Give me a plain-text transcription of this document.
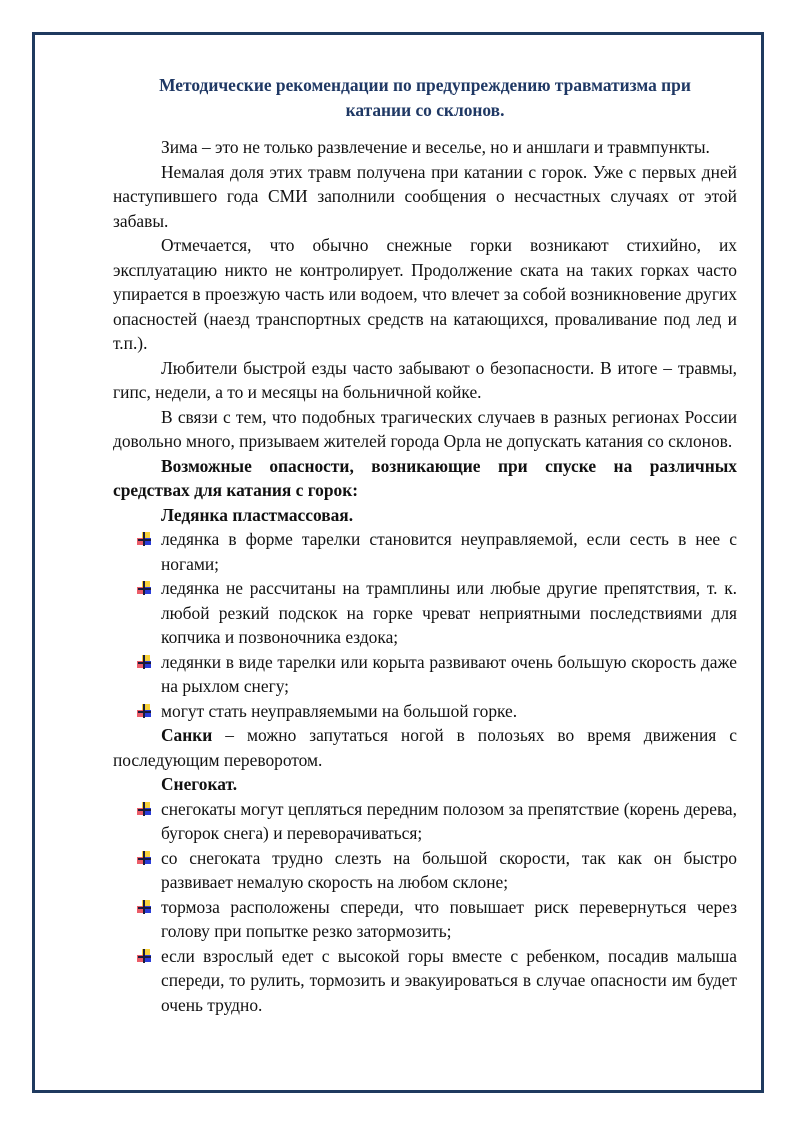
Методические рекомендации по предупреждению травматизма при катании со склонов.

Зима – это не только развлечение и веселье, но и аншлаги и травмпункты.

Немалая доля этих травм получена при катании с горок. Уже с первых дней наступившего года СМИ заполнили сообщения о несчастных случаях от этой забавы.

Отмечается, что обычно снежные горки возникают стихийно, их эксплуатацию никто не контролирует. Продолжение ската на таких горках часто упирается в проезжую часть или водоем, что влечет за собой возникновение других опасностей (наезд транспортных средств на катающихся, проваливание под лед и т.п.).

Любители быстрой езды часто забывают о безопасности. В итоге – травмы, гипс, недели, а то и месяцы на больничной койке.

В связи с тем, что подобных трагических случаев в разных регионах России довольно много, призываем жителей города Орла не допускать катания со склонов.

Возможные опасности, возникающие при спуске на различных средствах для катания с горок:

Ледянка пластмассовая.

ледянка в форме тарелки становится неуправляемой, если сесть в нее с ногами;
ледянка не рассчитаны на трамплины или любые другие препятствия, т. к. любой резкий подскок на горке чреват неприятными последствиями для копчика и позвоночника ездока;
ледянки в виде тарелки или корыта развивают очень большую скорость даже на рыхлом снегу;
могут стать неуправляемыми на большой горке.

Санки – можно запутаться ногой в полозьях во время движения с последующим переворотом.

Снегокат.

снегокаты могут цепляться передним полозом за препятствие (корень дерева, бугорок снега) и переворачиваться;
со снегоката трудно слезть на большой скорости, так как он быстро развивает немалую скорость на любом склоне;
тормоза расположены спереди, что повышает риск перевернуться через голову при попытке резко затормозить;
если взрослый едет с высокой горы вместе с ребенком, посадив малыша спереди, то рулить, тормозить и эвакуироваться в случае опасности им будет очень трудно.
